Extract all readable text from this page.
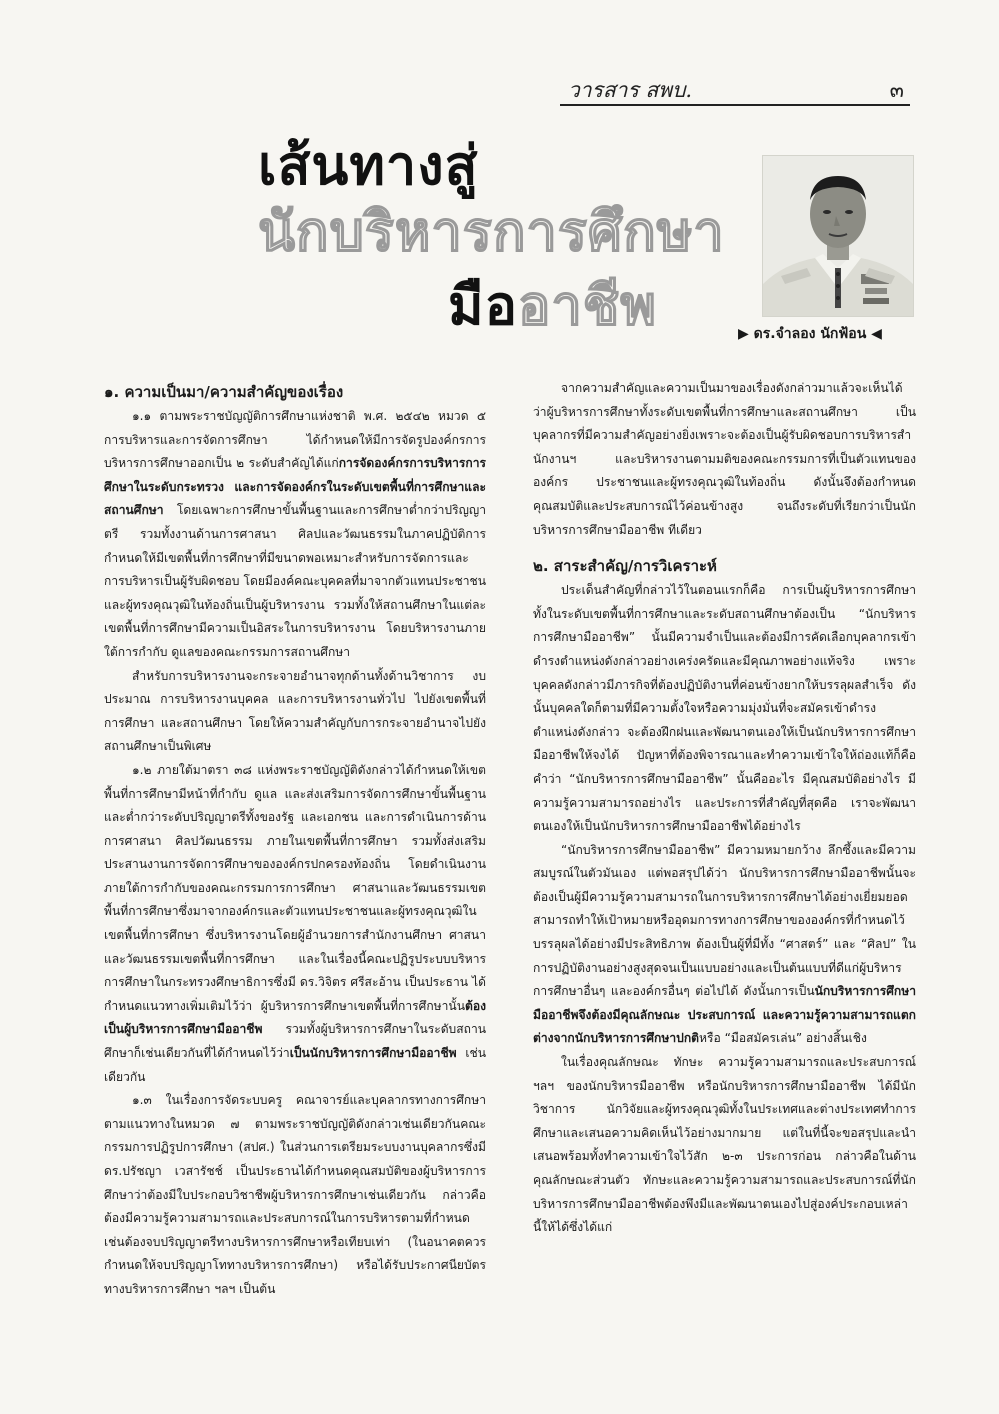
วารสาร สพบ.	๓
เส้นทางสู่
นักบริหารการศึกษา
มืออาชีพ	▶ ดร.จำลอง นักฟ้อน ◀
๑. ความเป็นมา/ความสำคัญของเรื่อง

๑.๑ ตามพระราชบัญญัติการศึกษาแห่งชาติ พ.ศ. ๒๕๔๒ หมวด ๕ การบริหารและการจัดการศึกษา ได้กำหนดให้มีการจัดรูปองค์กรการบริหารการศึกษาออกเป็น ๒ ระดับสำคัญได้แก่การจัดองค์กรการบริหารการศึกษาในระดับกระทรวง และการจัดองค์กรในระดับเขตพื้นที่การศึกษาและสถานศึกษา โดยเฉพาะการศึกษาขั้นพื้นฐานและการศึกษาต่ำกว่าปริญญาตรี รวมทั้งงานด้านการศาสนา ศิลปและวัฒนธรรมในภาคปฏิบัติการ กำหนดให้มีเขตพื้นที่การศึกษาที่มีขนาดพอเหมาะสำหรับการจัดการและการบริหารเป็นผู้รับผิดชอบ โดยมีองค์คณะบุคคลที่มาจากตัวแทนประชาชนและผู้ทรงคุณวุฒิในท้องถิ่นเป็นผู้บริหารงาน รวมทั้งให้สถานศึกษาในแต่ละเขตพื้นที่การศึกษามีความเป็นอิสระในการบริหารงาน โดยบริหารงานภายใต้การกำกับ ดูแลของคณะกรรมการสถานศึกษา

สำหรับการบริหารงานจะกระจายอำนาจทุกด้านทั้งด้านวิชาการ งบประมาณ การบริหารงานบุคคล และการบริหารงานทั่วไป ไปยังเขตพื้นที่การศึกษา และสถานศึกษา โดยให้ความสำคัญกับการกระจายอำนาจไปยังสถานศึกษาเป็นพิเศษ

๑.๒ ภายใต้มาตรา ๓๘ แห่งพระราชบัญญัติดังกล่าวได้กำหนดให้เขตพื้นที่การศึกษามีหน้าที่กำกับ ดูแล และส่งเสริมการจัดการศึกษาขั้นพื้นฐานและต่ำกว่าระดับปริญญาตรีทั้งของรัฐ และเอกชน และการดำเนินการด้านการศาสนา ศิลปวัฒนธรรม ภายในเขตพื้นที่การศึกษา รวมทั้งส่งเสริมประสานงานการจัดการศึกษาขององค์กรปกครองท้องถิ่น โดยดำเนินงานภายใต้การกำกับของคณะกรรมการการศึกษา ศาสนาและวัฒนธรรมเขตพื้นที่การศึกษาซึ่งมาจากองค์กรและตัวแทนประชาชนและผู้ทรงคุณวุฒิในเขตพื้นที่การศึกษา ซึ่งบริหารงานโดยผู้อำนวยการสำนักงานศึกษา ศาสนาและวัฒนธรรมเขตพื้นที่การศึกษา และในเรื่องนี้คณะปฏิรูประบบบริหารการศึกษาในกระทรวงศึกษาธิการซึ่งมี ดร.วิจิตร ศรีสะอ้าน เป็นประธาน ได้กำหนดแนวทางเพิ่มเติมไว้ว่า ผู้บริหารการศึกษาเขตพื้นที่การศึกษานั้นต้องเป็นผู้บริหารการศึกษามืออาชีพ รวมทั้งผู้บริหารการศึกษาในระดับสถานศึกษาก็เช่นเดียวกันที่ได้กำหนดไว้ว่าเป็นนักบริหารการศึกษามืออาชีพ เช่นเดียวกัน

๑.๓ ในเรื่องการจัดระบบครู คณาจารย์และบุคลากรทางการศึกษาตามแนวทางในหมวด ๗ ตามพระราชบัญญัติดังกล่าวเช่นเดียวกันคณะกรรมการปฏิรูปการศึกษา (สปศ.) ในส่วนการเตรียมระบบงานบุคลากรซึ่งมี ดร.ปรัชญา เวสารัชช์ เป็นประธานได้กำหนดคุณสมบัติของผู้บริหารการศึกษาว่าต้องมีใบประกอบวิชาชีพผู้บริหารการศึกษาเช่นเดียวกัน กล่าวคือ ต้องมีความรู้ความสามารถและประสบการณ์ในการบริหารตามที่กำหนด เช่นต้องจบปริญญาตรีทางบริหารการศึกษาหรือเทียบเท่า (ในอนาคตควรกำหนดให้จบปริญญาโททางบริหารการศึกษา) หรือได้รับประกาศนียบัตรทางบริหารการศึกษา ฯลฯ เป็นต้น

จากความสำคัญและความเป็นมาของเรื่องดังกล่าวมาแล้วจะเห็นได้ว่าผู้บริหารการศึกษาทั้งระดับเขตพื้นที่การศึกษาและสถานศึกษา เป็นบุคลากรที่มีความสำคัญอย่างยิ่งเพราะจะต้องเป็นผู้รับผิดชอบการบริหารสำนักงานฯ และบริหารงานตามมติของคณะกรรมการที่เป็นตัวแทนขององค์กร ประชาชนและผู้ทรงคุณวุฒิในท้องถิ่น ดังนั้นจึงต้องกำหนดคุณสมบัติและประสบการณ์ไว้ค่อนข้างสูง จนถึงระดับที่เรียกว่าเป็นนักบริหารการศึกษามืออาชีพ ทีเดียว

๒. สาระสำคัญ/การวิเคราะห์

ประเด็นสำคัญที่กล่าวไว้ในตอนแรกก็คือ การเป็นผู้บริหารการศึกษาทั้งในระดับเขตพื้นที่การศึกษาและระดับสถานศึกษาต้องเป็น “นักบริหารการศึกษามืออาชีพ” นั้นมีความจำเป็นและต้องมีการคัดเลือกบุคลากรเข้าดำรงตำแหน่งดังกล่าวอย่างเคร่งครัดและมีคุณภาพอย่างแท้จริง เพราะบุคคลดังกล่าวมีภารกิจที่ต้องปฏิบัติงานที่ค่อนข้างยากให้บรรลุผลสำเร็จ ดังนั้นบุคคลใดก็ตามที่มีความตั้งใจหรือความมุ่งมั่นที่จะสมัครเข้าดำรงตำแหน่งดังกล่าว จะต้องฝึกฝนและพัฒนาตนเองให้เป็นนักบริหารการศึกษามืออาชีพให้จงได้ ปัญหาที่ต้องพิจารณาและทำความเข้าใจให้ถ่องแท้ก็คือ คำว่า “นักบริหารการศึกษามืออาชีพ” นั้นคืออะไร มีคุณสมบัติอย่างไร มีความรู้ความสามารถอย่างไร และประการที่สำคัญที่สุดคือ เราจะพัฒนาตนเองให้เป็นนักบริหารการศึกษามืออาชีพได้อย่างไร

“นักบริหารการศึกษามืออาชีพ” มีความหมายกว้าง ลึกซึ้งและมีความสมบูรณ์ในตัวมันเอง แต่พอสรุปได้ว่า นักบริหารการศึกษามืออาชีพนั้นจะต้องเป็นผู้มีความรู้ความสามารถในการบริหารการศึกษาได้อย่างเยี่ยมยอด สามารถทำให้เป้าหมายหรืออุดมการทางการศึกษาขององค์กรที่กำหนดไว้บรรลุผลได้อย่างมีประสิทธิภาพ ต้องเป็นผู้ที่มีทั้ง “ศาสตร์” และ “ศิลป” ในการปฏิบัติงานอย่างสูงสุดจนเป็นแบบอย่างและเป็นต้นแบบที่ดีแก่ผู้บริหารการศึกษาอื่นๆ และองค์กรอื่นๆ ต่อไปได้ ดังนั้นการเป็นนักบริหารการศึกษามืออาชีพจึงต้องมีคุณลักษณะ ประสบการณ์ และความรู้ความสามารถแตกต่างจากนักบริหารการศึกษาปกติหรือ “มือสมัครเล่น” อย่างสิ้นเชิง

ในเรื่องคุณลักษณะ ทักษะ ความรู้ความสามารถและประสบการณ์ ฯลฯ ของนักบริหารมืออาชีพ หรือนักบริหารการศึกษามืออาชีพ ได้มีนักวิชาการ นักวิจัยและผู้ทรงคุณวุฒิทั้งในประเทศและต่างประเทศทำการศึกษาและเสนอความคิดเห็นไว้อย่างมากมาย แต่ในที่นี้จะขอสรุปและนำเสนอพร้อมทั้งทำความเข้าใจไว้สัก ๒-๓ ประการก่อน กล่าวคือในด้านคุณลักษณะส่วนตัว ทักษะและความรู้ความสามารถและประสบการณ์ที่นักบริหารการศึกษามืออาชีพต้องพึงมีและพัฒนาตนเองไปสู่องค์ประกอบเหล่านี้ให้ได้ซึ่งได้แก่
